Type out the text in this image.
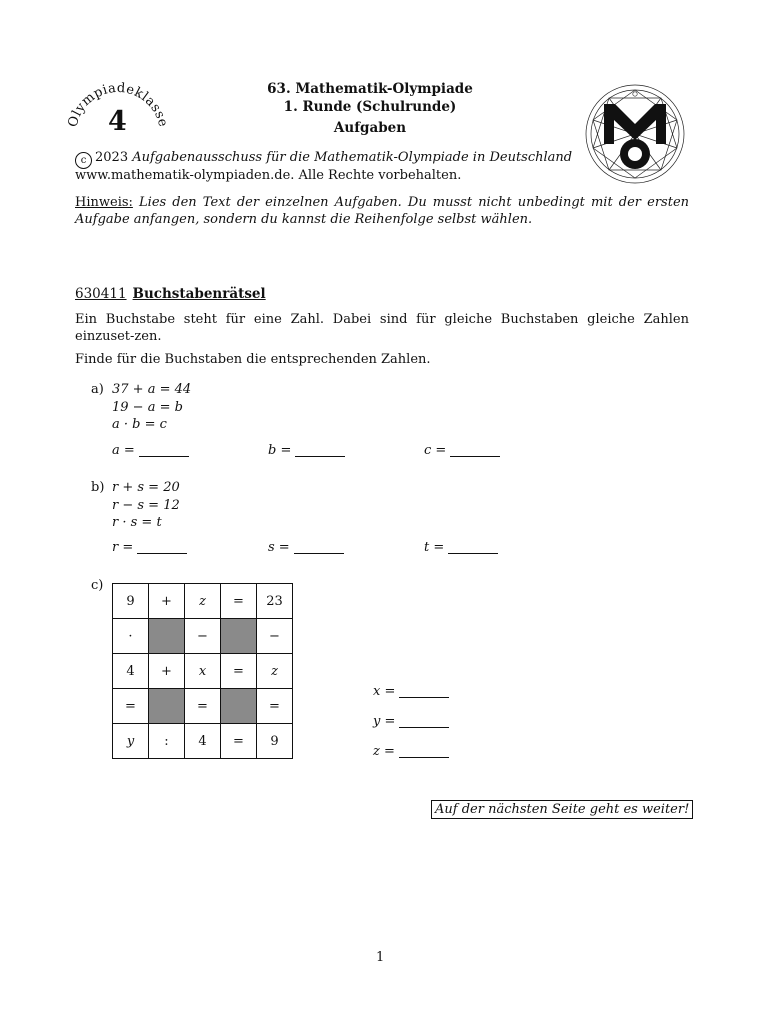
Olympiadeklasse
4
63. Mathematik-Olympiade
1. Runde (Schulrunde)
Aufgaben
c 2023 Aufgabenausschuss für die Mathematik-Olympiade in Deutschland
www.mathematik-olympiaden.de. Alle Rechte vorbehalten.
Hinweis: Lies den Text der einzelnen Aufgaben. Du musst nicht unbedingt mit der ersten Aufgabe anfangen, sondern du kannst die Reihenfolge selbst wählen.
630411 Buchstabenrätsel
Ein Buchstabe steht für eine Zahl. Dabei sind für gleiche Buchstaben gleiche Zahlen einzuset-zen.
Finde für die Buchstaben die entsprechenden Zahlen.
a) 37 + a = 44
19 − a = b
a · b = c
a =	b =	c =
b) r + s = 20
r − s = 12
r · s = t
r =	s =	t =
c)
9	+	z	=	23
·		−		−
4	+	x	=	z
=		=		=
y	:	4	=	9
x =
y =
z =
Auf der nächsten Seite geht es weiter!
1
